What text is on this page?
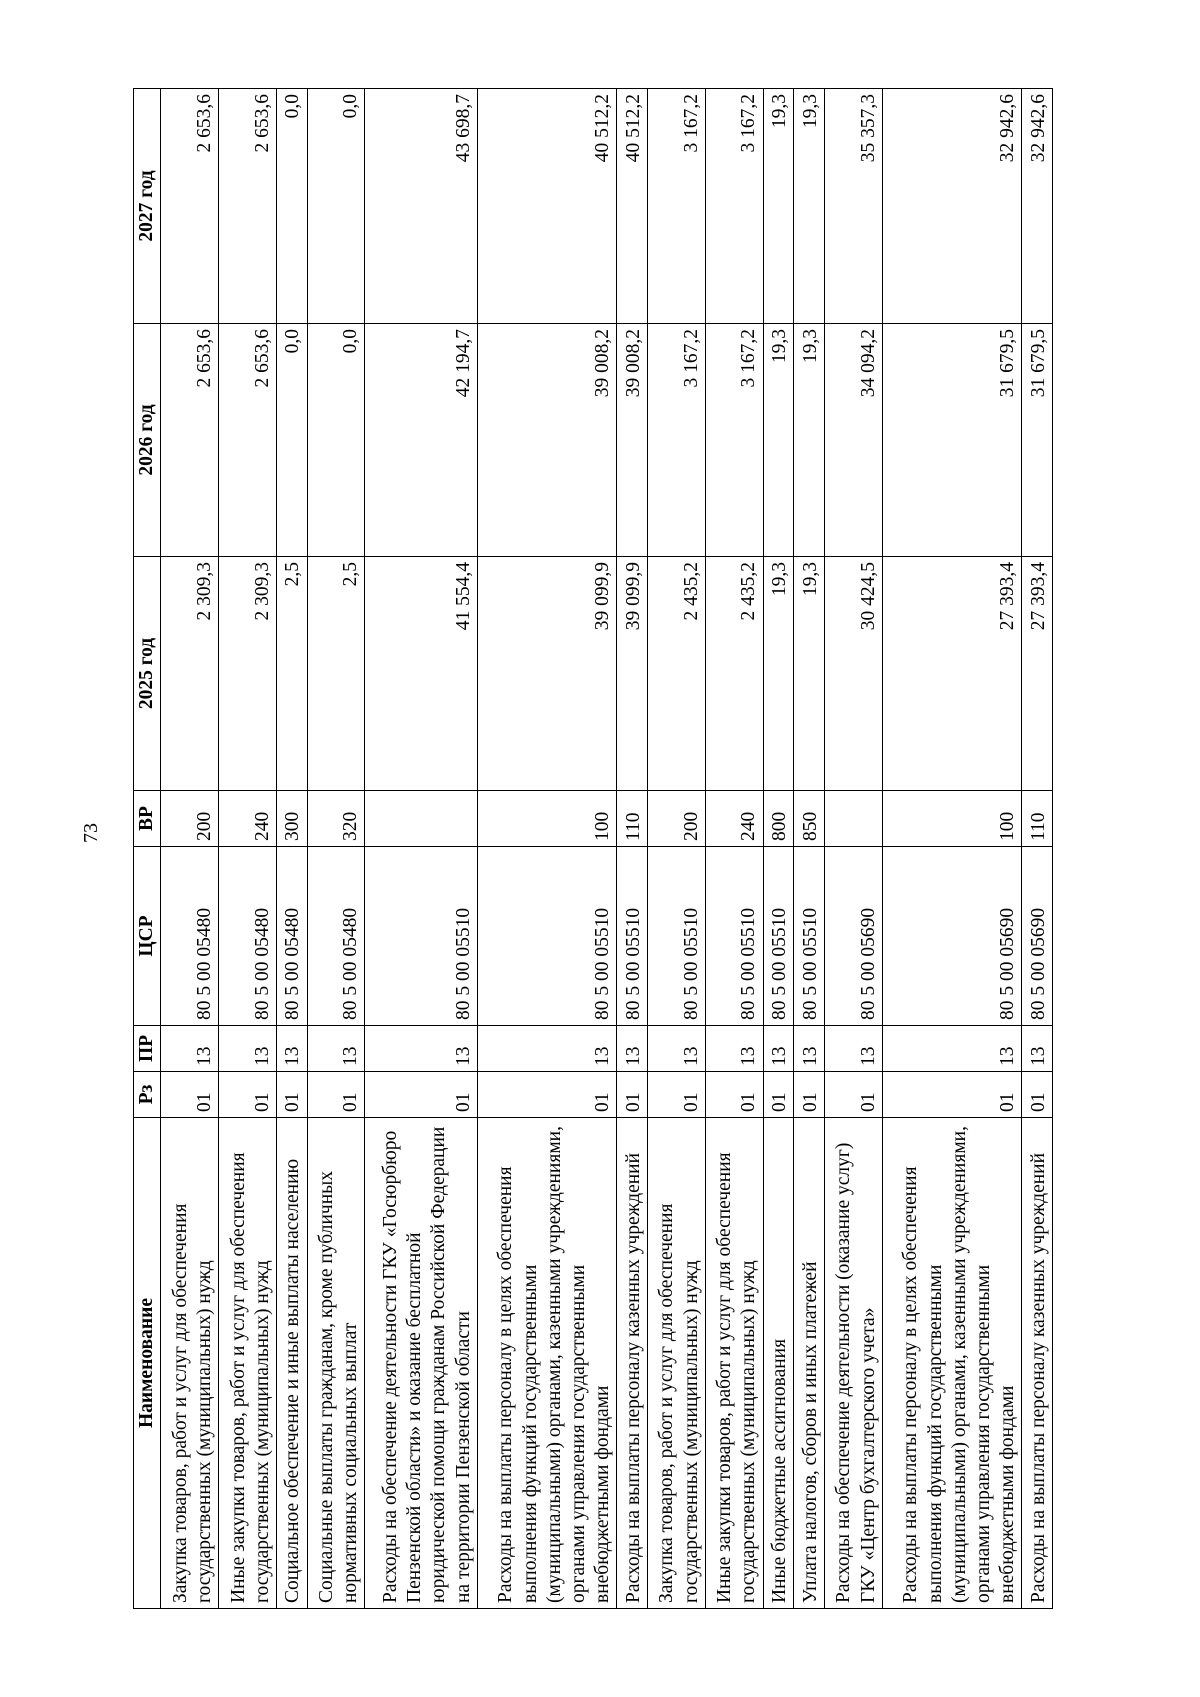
73
Наименование	Рз	ПР	ЦСР	ВР	2025 год	2026 год	2027 год
Закупка товаров, работ и услуг для обеспечения государственных (муниципальных) нужд	01	13	80 5 00 05480	200	2 309,3	2 653,6	2 653,6
Иные закупки товаров, работ и услуг для обеспечения государственных (муниципальных) нужд	01	13	80 5 00 05480	240	2 309,3	2 653,6	2 653,6
Социальное обеспечение и иные выплаты населению	01	13	80 5 00 05480	300	2,5	0,0	0,0
Социальные выплаты гражданам, кроме публичных нормативных социальных выплат	01	13	80 5 00 05480	320	2,5	0,0	0,0
Расходы на обеспечение деятельности ГКУ «Госюрбюро Пензенской области» и оказание бесплатной юридической помощи гражданам Российской Федерации на территории Пензенской области	01	13	80 5 00 05510		41 554,4	42 194,7	43 698,7
Расходы на выплаты персоналу в целях обеспечения выполнения функций государственными (муниципальными) органами, казенными учреждениями, органами управления государственными внебюджетными фондами	01	13	80 5 00 05510	100	39 099,9	39 008,2	40 512,2
Расходы на выплаты персоналу казенных учреждений	01	13	80 5 00 05510	110	39 099,9	39 008,2	40 512,2
Закупка товаров, работ и услуг для обеспечения государственных (муниципальных) нужд	01	13	80 5 00 05510	200	2 435,2	3 167,2	3 167,2
Иные закупки товаров, работ и услуг для обеспечения государственных (муниципальных) нужд	01	13	80 5 00 05510	240	2 435,2	3 167,2	3 167,2
Иные бюджетные ассигнования	01	13	80 5 00 05510	800	19,3	19,3	19,3
Уплата налогов, сборов и иных платежей	01	13	80 5 00 05510	850	19,3	19,3	19,3
Расходы на обеспечение деятельности (оказание услуг) ГКУ «Центр бухгалтерского учета»	01	13	80 5 00 05690		30 424,5	34 094,2	35 357,3
Расходы на выплаты персоналу в целях обеспечения выполнения функций государственными (муниципальными) органами, казенными учреждениями, органами управления государственными внебюджетными фондами	01	13	80 5 00 05690	100	27 393,4	31 679,5	32 942,6
Расходы на выплаты персоналу казенных учреждений	01	13	80 5 00 05690	110	27 393,4	31 679,5	32 942,6
